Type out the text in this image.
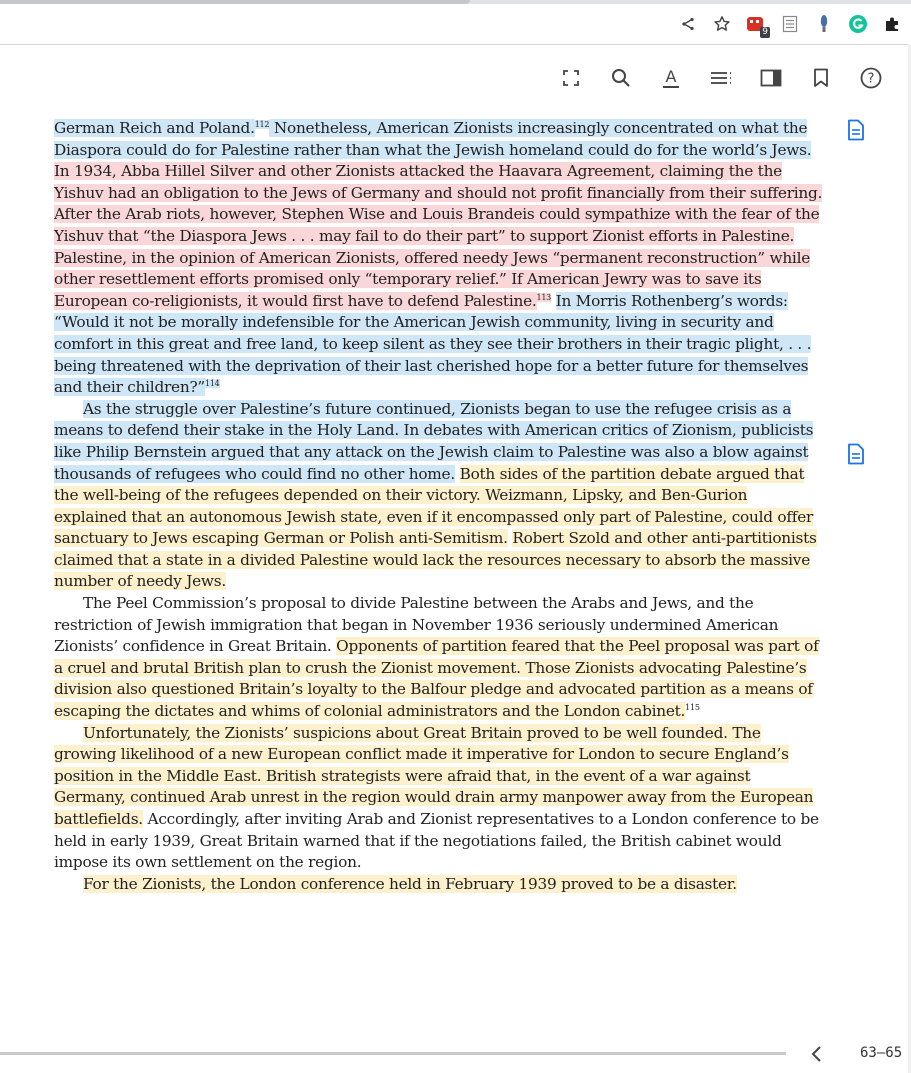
9
A	?

German Reich and Poland.$^{112}$ Nonetheless, American Zionists increasingly concentrated on what the Diaspora could do for Palestine rather than what the Jewish homeland could do for the world’s Jews. In 1934, Abba Hillel Silver and other Zionists attacked the Haavara Agreement, claiming the the Yishuv had an obligation to the Jews of Germany and should not profit financially from their suffering. After the Arab riots, however, Stephen Wise and Louis Brandeis could sympathize with the fear of the Yishuv that “the Diaspora Jews . . . may fail to do their part” to support Zionist efforts in Palestine. Palestine, in the opinion of American Zionists, offered needy Jews “permanent reconstruction” while other resettlement efforts promised only “temporary relief.” If American Jewry was to save its European co-religionists, it would first have to defend Palestine.$^{113}$ In Morris Rothenberg’s words: “Would it not be morally indefensible for the American Jewish community, living in security and comfort in this great and free land, to keep silent as they see their brothers in their tragic plight, . . . being threatened with the deprivation of their last cherished hope for a better future for themselves and their children?”$^{114}$

As the struggle over Palestine’s future continued, Zionists began to use the refugee crisis as a means to defend their stake in the Holy Land. In debates with American critics of Zionism, publicists like Philip Bernstein argued that any attack on the Jewish claim to Palestine was also a blow against thousands of refugees who could find no other home. Both sides of the partition debate argued that the well-being of the refugees depended on their victory. Weizmann, Lipsky, and Ben-Gurion explained that an autonomous Jewish state, even if it encompassed only part of Palestine, could offer sanctuary to Jews escaping German or Polish anti-Semitism. Robert Szold and other anti-partitionists claimed that a state in a divided Palestine would lack the resources necessary to absorb the massive number of needy Jews.

The Peel Commission’s proposal to divide Palestine between the Arabs and Jews, and the restriction of Jewish immigration that began in November 1936 seriously undermined American Zionists’ confidence in Great Britain. Opponents of partition feared that the Peel proposal was part of a cruel and brutal British plan to crush the Zionist movement. Those Zionists advocating Palestine’s division also questioned Britain’s loyalty to the Balfour pledge and advocated partition as a means of escaping the dictates and whims of colonial administrators and the London cabinet.$^{115}$

Unfortunately, the Zionists’ suspicions about Great Britain proved to be well founded. The growing likelihood of a new European conflict made it imperative for London to secure England’s position in the Middle East. British strategists were afraid that, in the event of a war against Germany, continued Arab unrest in the region would drain army manpower away from the European battlefields. Accordingly, after inviting Arab and Zionist representatives to a London conference to be held in early 1939, Great Britain warned that if the negotiations failed, the British cabinet would impose its own settlement on the region.

For the Zionists, the London conference held in February 1939 proved to be a disaster.

63–65
